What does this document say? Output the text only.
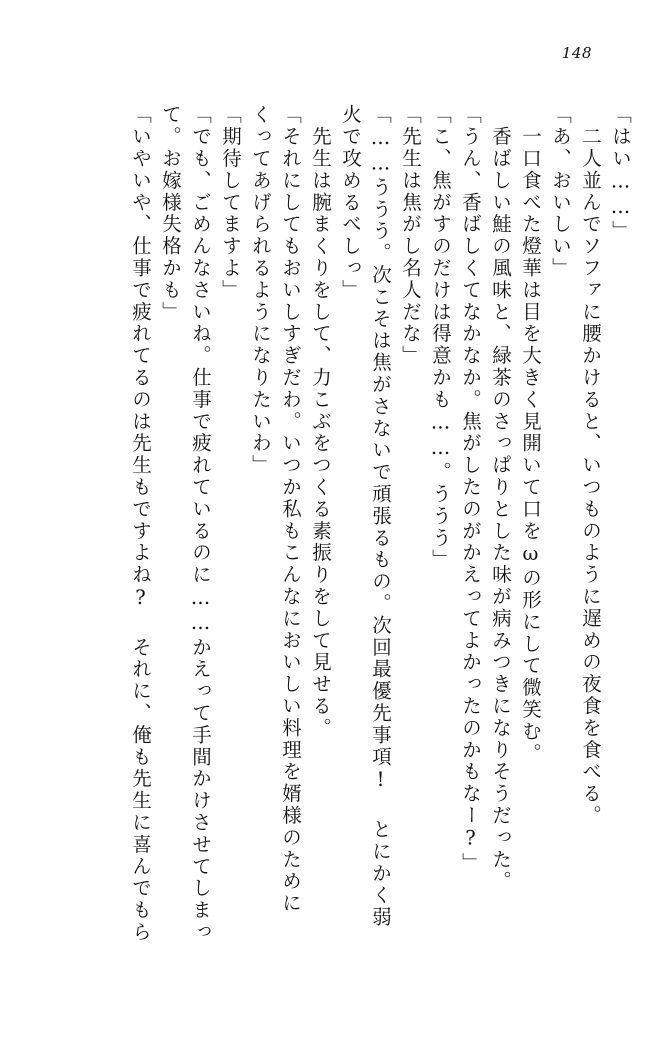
148
「はい……」
　二人並んでソファに腰かけると、いつものように遅めの夜食を食べる。
「あ、おいしい」
　一口食べた燈華は目を大きく見開いて口をωの形にして微笑む。
　香ばしい鮭の風味と、緑茶のさっぱりとした味が病みつきになりそうだった。
「うん、香ばしくてなかなか。焦がしたのがかえってよかったのかもなー?」
「こ、焦がすのだけは得意かも……。ううう」
「先生は焦がし名人だな」
「……ううう。次こそは焦がさないで頑張るもの。次回最優先事項! とにかく弱
火で攻めるべしっ」
　先生は腕まくりをして、力こぶをつくる素振りをして見せる。
「それにしてもおいしすぎだわ。いつか私もこんなにおいしい料理を婿様のために
くってあげられるようになりたいわ」
「期待してますよ」
「でも、ごめんなさいね。仕事で疲れているのに……かえって手間かけさせてしまっ
て。お嫁様失格かも」
「いやいや、仕事で疲れてるのは先生もですよね? それに、俺も先生に喜んでもら
